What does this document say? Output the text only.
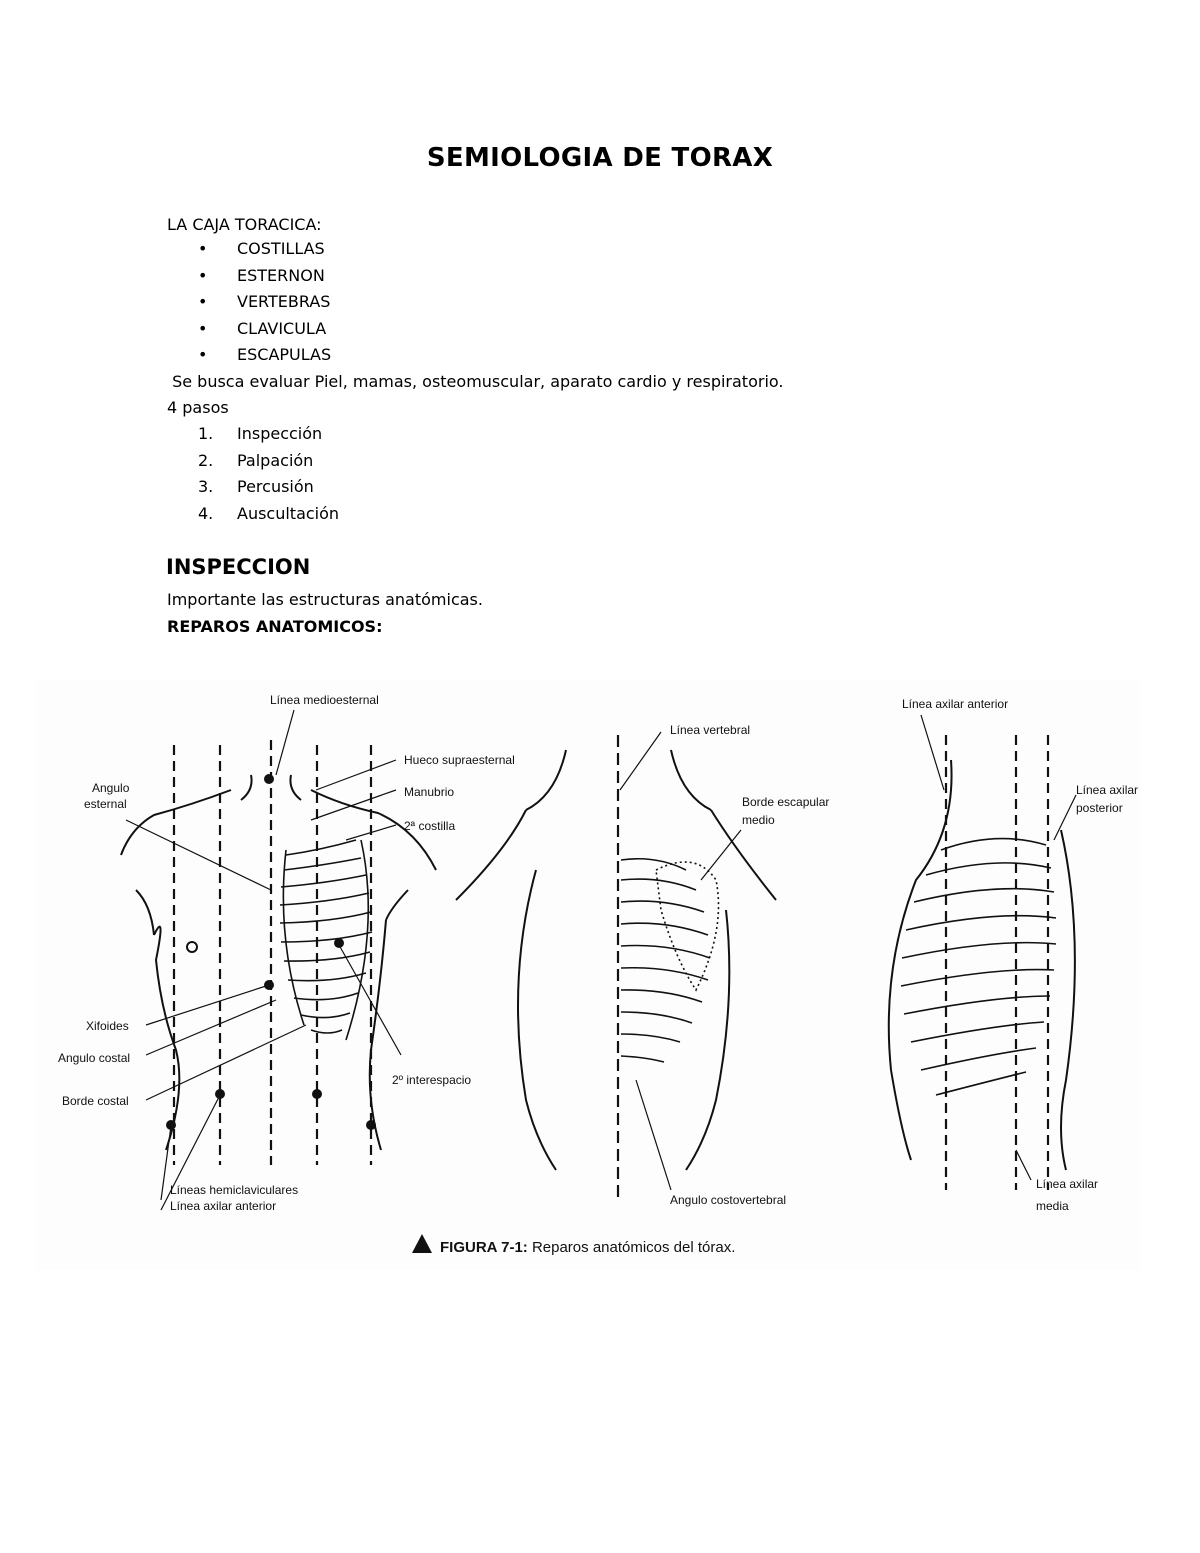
SEMIOLOGIA DE TORAX
LA CAJA TORACICA:
• COSTILLAS
• ESTERNON
• VERTEBRAS
• CLAVICULA
• ESCAPULAS
Se busca evaluar Piel, mamas, osteomuscular, aparato cardio y respiratorio.
4 pasos
1. Inspección
2. Palpación
3. Percusión
4. Auscultación
INSPECCION
Importante las estructuras anatómicas.
REPAROS ANATOMICOS:
Línea medioesternal
Hueco supraesternal
Manubrio
2ª costilla
Angulo
esternal
Xifoides
Angulo costal
Borde costal
2º interespacio
Líneas hemiclaviculares
Línea axilar anterior
Línea vertebral
Borde escapular
medio
Angulo costovertebral
Línea axilar anterior
Línea axilar
posterior
Línea axilar
media
FIGURA 7-1: Reparos anatómicos del tórax.
